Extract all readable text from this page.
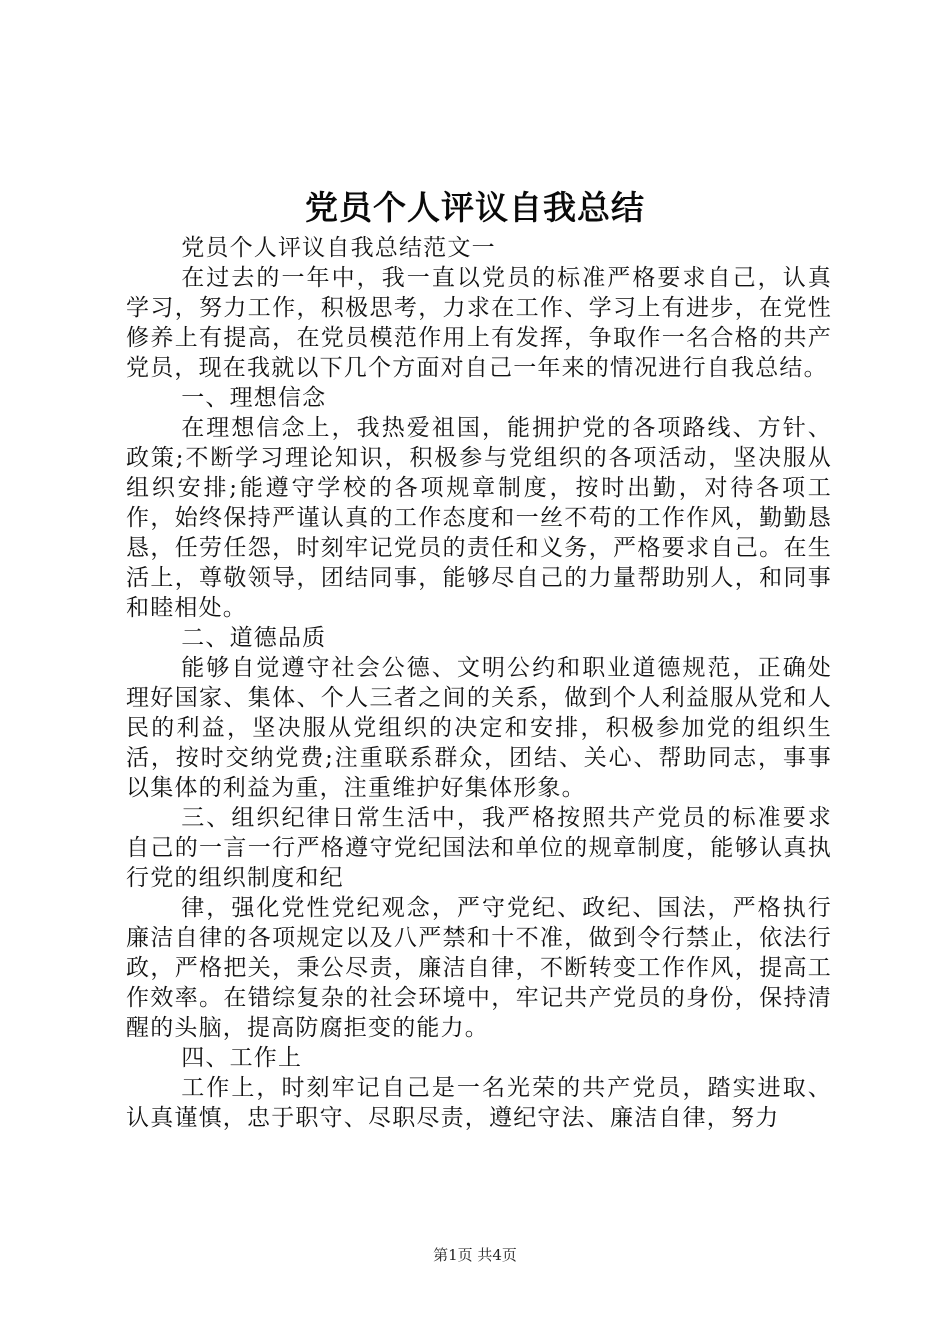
党员个人评议自我总结

党员个人评议自我总结范文一

在过去的一年中，我一直以党员的标准严格要求自己，认真学习，努力工作，积极思考，力求在工作、学习上有进步，在党性修养上有提高，在党员模范作用上有发挥，争取作一名合格的共产党员，现在我就以下几个方面对自己一年来的情况进行自我总结。

一、理想信念

在理想信念上，我热爱祖国，能拥护党的各项路线、方针、政策;不断学习理论知识，积极参与党组织的各项活动，坚决服从组织安排;能遵守学校的各项规章制度，按时出勤，对待各项工作，始终保持严谨认真的工作态度和一丝不苟的工作作风，勤勤恳恳，任劳任怨，时刻牢记党员的责任和义务，严格要求自己。在生活上，尊敬领导，团结同事，能够尽自己的力量帮助别人，和同事和睦相处。

二、道德品质

能够自觉遵守社会公德、文明公约和职业道德规范，正确处理好国家、集体、个人三者之间的关系，做到个人利益服从党和人民的利益，坚决服从党组织的决定和安排，积极参加党的组织生活，按时交纳党费;注重联系群众，团结、关心、帮助同志，事事以集体的利益为重，注重维护好集体形象。

三、组织纪律日常生活中，我严格按照共产党员的标准要求自己的一言一行严格遵守党纪国法和单位的规章制度，能够认真执行党的组织制度和纪

律，强化党性党纪观念，严守党纪、政纪、国法，严格执行廉洁自律的各项规定以及八严禁和十不准，做到令行禁止，依法行政，严格把关，秉公尽责，廉洁自律，不断转变工作作风，提高工作效率。在错综复杂的社会环境中，牢记共产党员的身份，保持清醒的头脑，提高防腐拒变的能力。

四、工作上

工作上，时刻牢记自己是一名光荣的共产党员，踏实进取、认真谨慎，忠于职守、尽职尽责，遵纪守法、廉洁自律，努力

第1页 共4页
